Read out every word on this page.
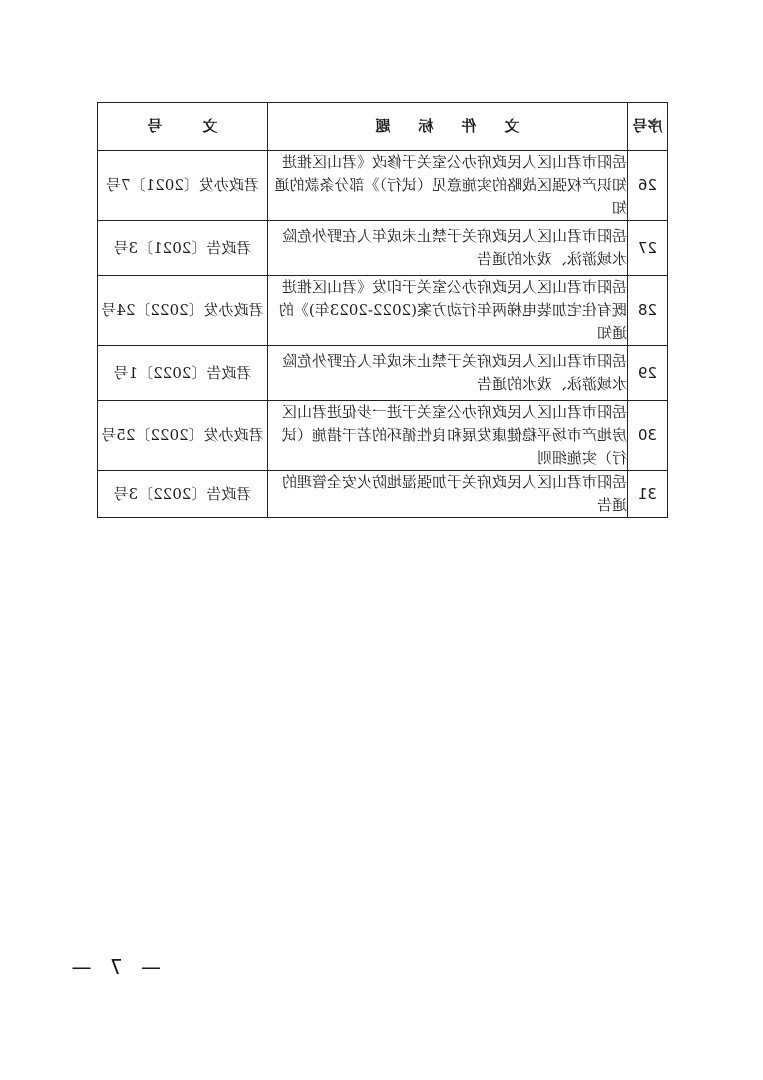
序号	文件标题	文号
26	岳阳市君山区人民政府办公室关于修改《君山区推进知识产权强区战略的实施意见（试行）》部分条款的通知	君政办发〔2021〕7号
27	岳阳市君山区人民政府关于禁止未成年人在野外危险水域游泳、戏水的通告	君政告〔2021〕3号
28	岳阳市君山区人民政府办公室关于印发《君山区推进既有住宅加装电梯两年行动方案(2022-2023年)》的通知	君政办发〔2022〕24号
29	岳阳市君山区人民政府关于禁止未成年人在野外危险水域游泳、戏水的通告	君政告〔2022〕1号
30	岳阳市君山区人民政府办公室关于进一步促进君山区房地产市场平稳健康发展和良性循环的若干措施（试行）实施细则	君政办发〔2022〕25号
31	岳阳市君山区人民政府关于加强湿地防火安全管理的通告	君政告〔2022〕3号
— 7 —
